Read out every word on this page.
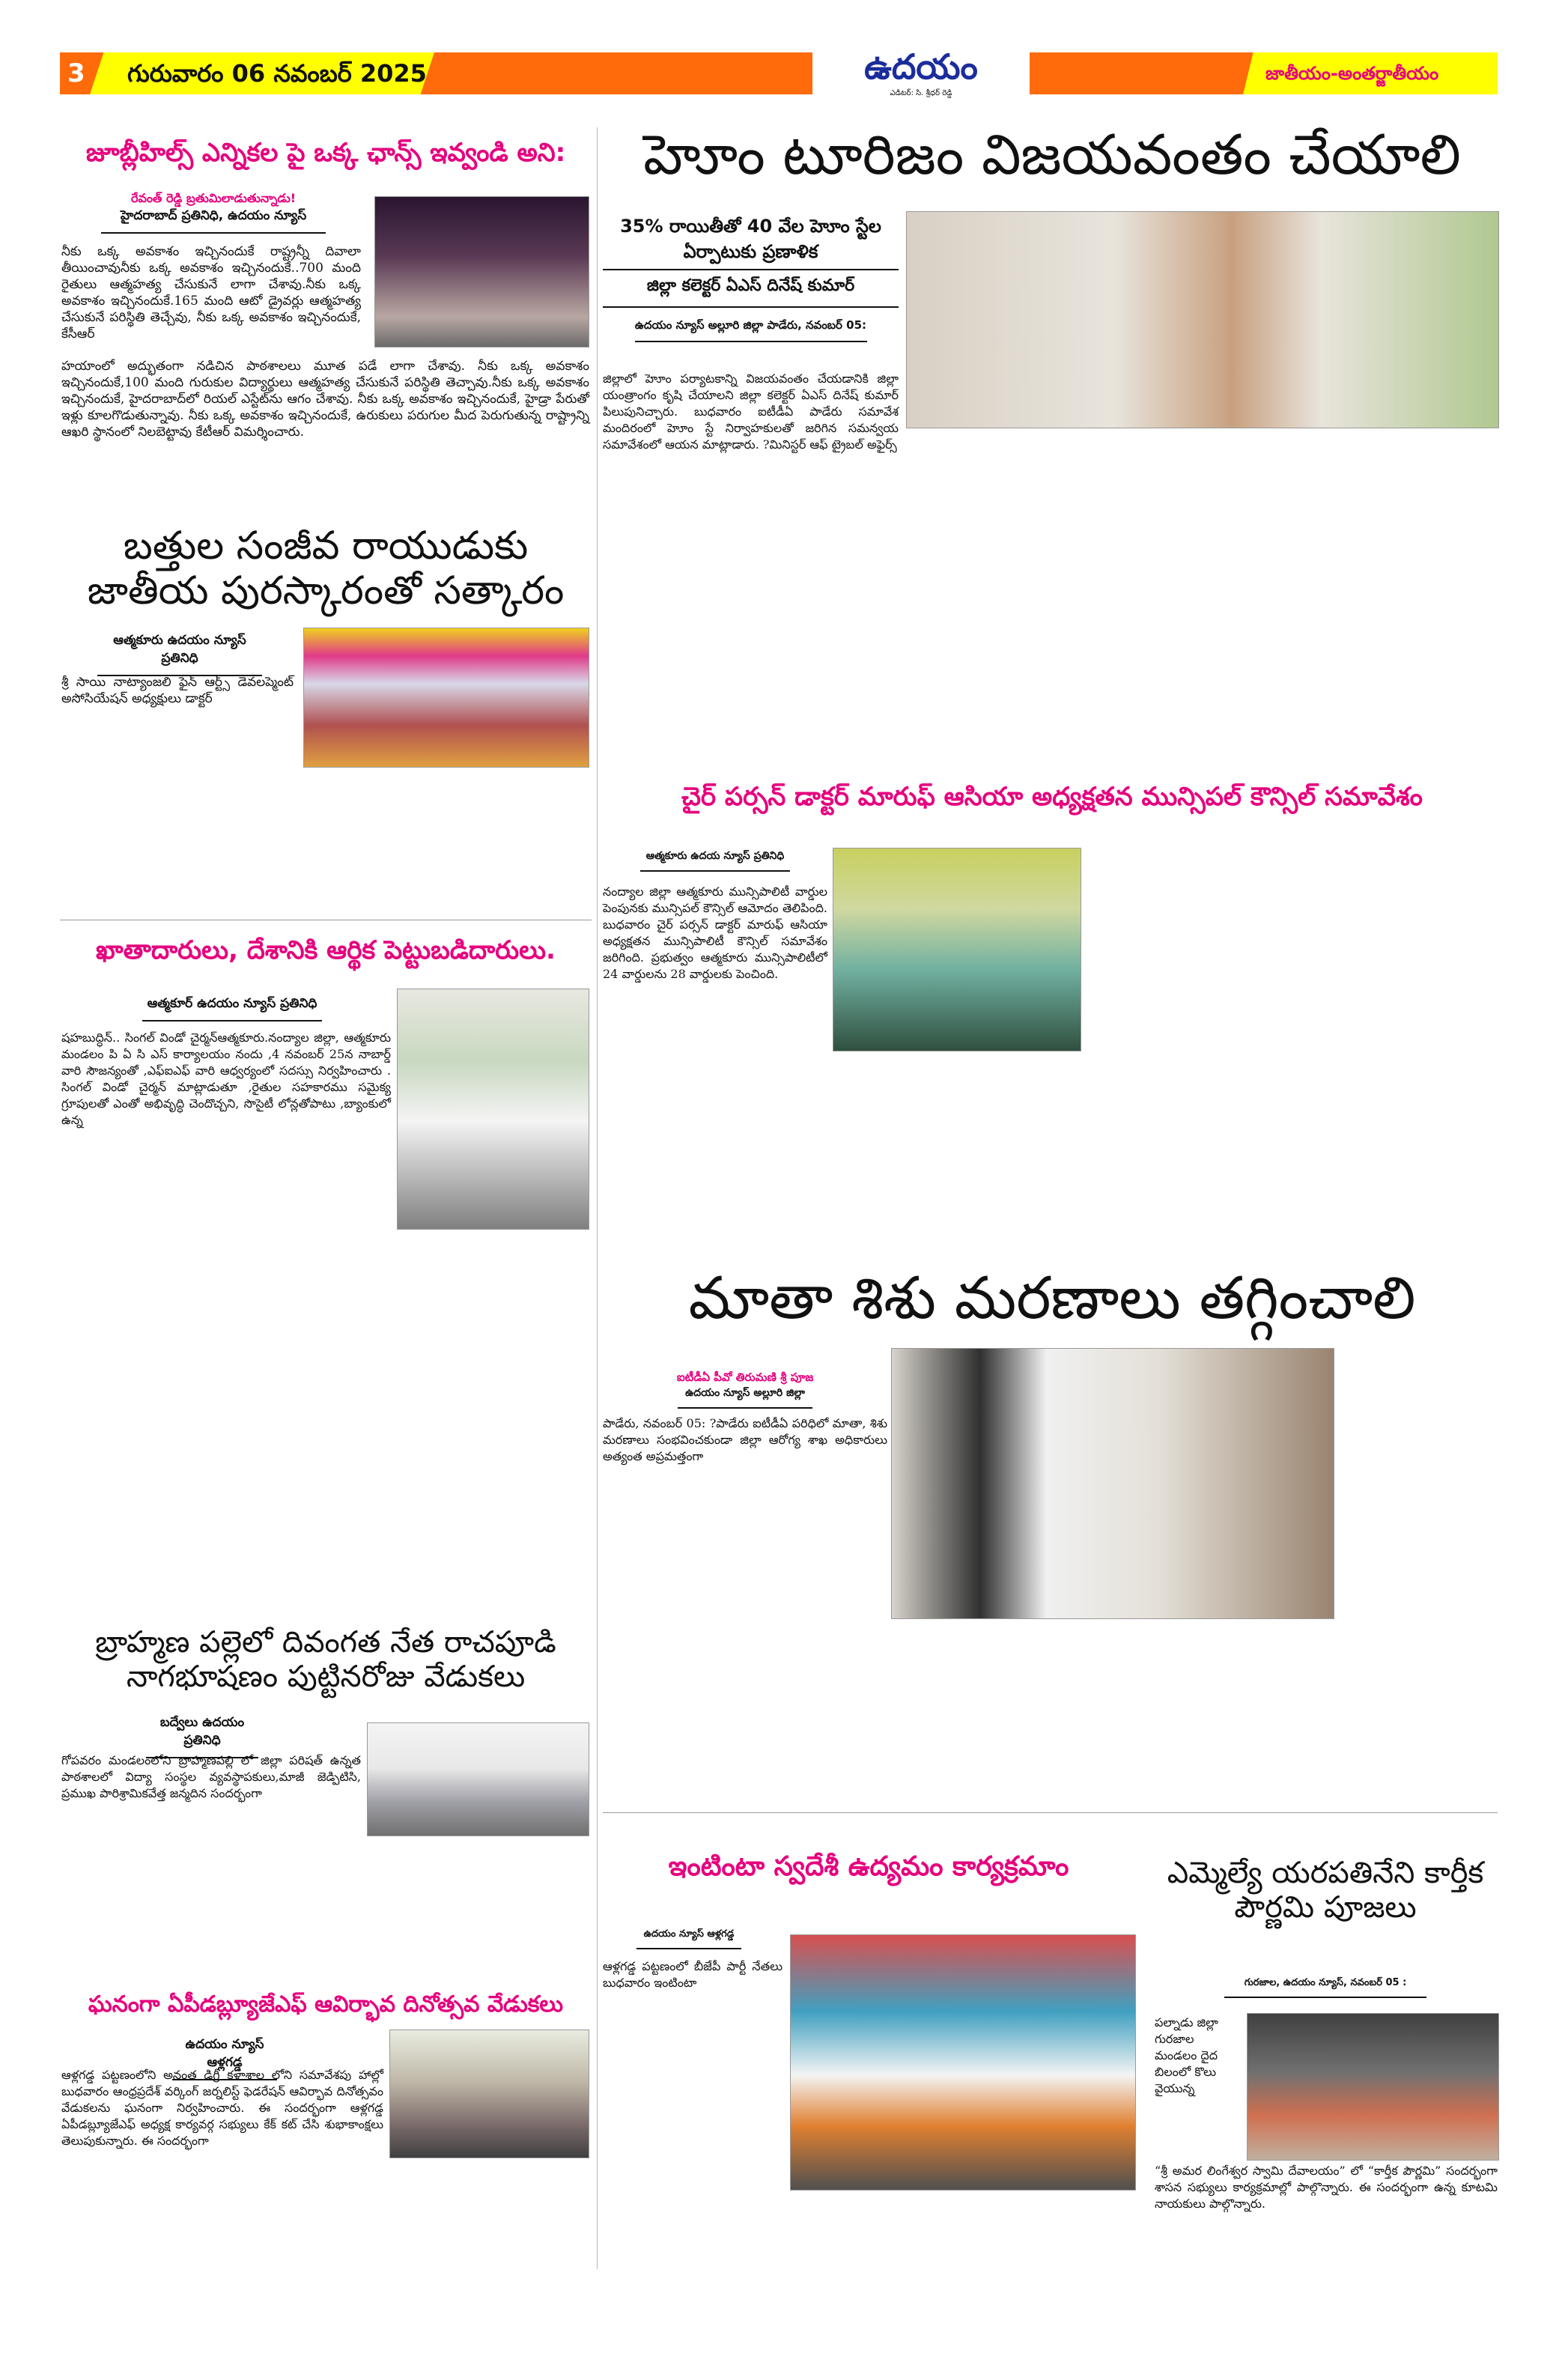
3 గురువారం 06 నవంబర్ 2025	ఉదయం
ఎడిటర్: సి. శ్రీధర్ రెడ్డి
జాతీయం-అంతర్జాతీయం
జూబ్లీహిల్స్ ఎన్నికల పై ఒక్క ఛాన్స్ ఇవ్వండి అని:
రేవంత్ రెడ్డి బ్రతుమిలాడుతున్నాడు!
హైదరాబాద్ ప్రతినిధి, ఉదయం న్యూస్
నీకు ఒక్క అవకాశం ఇచ్చినందుకే రాష్ట్రన్నీ దివాలా తీయించావునీకు ఒక్క అవకాశం ఇచ్చినందుకే..700 మంది రైతులు ఆత్మహత్య చేసుకునే లాగా చేశావు.నీకు ఒక్క అవకాశం ఇచ్చినందుకే.165 మంది ఆటో డ్రైవర్లు ఆత్మహత్య చేసుకునే పరిస్థితి తెచ్చేవు, నీకు ఒక్క అవకాశం ఇచ్చినందుకే, కేసీఆర్
హయాంలో అద్భుతంగా నడిచిన పాఠశాలలు మూత పడే లాగా చేశావు. నీకు ఒక్క అవకాశం ఇచ్చినందుకే,100 మంది గురుకుల విద్యార్థులు ఆత్మహత్య చేసుకునే పరిస్థితి తెచ్చావు.నీకు ఒక్క అవకాశం ఇచ్చినందుకే, హైదరాబాద్‌లో రియల్ ఎస్టేట్‌ను ఆగం చేశావు. నీకు ఒక్క అవకాశం ఇచ్చినందుకే, హైడ్రా పేరుతో ఇళ్లు కూలగొడుతున్నావు. నీకు ఒక్క అవకాశం ఇచ్చినందుకే, ఉరుకులు పరుగుల మీద పెరుగుతున్న రాష్ట్రాన్ని ఆఖరి స్థానంలో నిలబెట్టావు కేటీఆర్ విమర్శించారు.
బత్తుల సంజీవ రాయుడుకు జాతీయ పురస్కారంతో సత్కారం
ఆత్మకూరు ఉదయం న్యూస్ ప్రతినిధి
శ్రీ సాయి నాట్యాంజలి ఫైన్ ఆర్ట్స్ డెవలప్మెంట్ అసోసియేషన్ అధ్యక్షులు డాక్టర్
ఖాతాదారులు, దేశానికి ఆర్థిక పెట్టుబడిదారులు.
ఆత్మకూర్ ఉదయం న్యూస్ ప్రతినిధి
షహబుద్ధిన్.. సింగల్ విండో చైర్మన్ఆత్మకూరు.నంద్యాల జిల్లా, ఆత్మకూరు మండలం పి ఏ సి ఎస్ కార్యాలయం నందు ,4 నవంబర్ 25న నాబార్డ్ వారి సౌజన్యంతో ,ఎఫ్ఐఎఫ్ వారి ఆధ్వర్యంలో సదస్సు నిర్వహించారు . సింగల్ విండో చైర్మన్ మాట్లాడుతూ ,రైతుల సహకారము సమైక్య గ్రూపులతో ఎంతో అభివృద్ధి చెందొచ్చని, సొసైటీ లోన్లతోపాటు ,బ్యాంకులో ఉన్న
బ్రాహ్మణ పల్లెలో దివంగత నేత రాచపూడి నాగభూషణం పుట్టినరోజు వేడుకలు
బద్వేలు ఉదయం ప్రతినిధి
గోపవరం మండలంలోని బ్రాహ్మణపల్లి లో జిల్లా పరిషత్ ఉన్నత పాఠశాలలో విద్యా సంస్థల వ్యవస్థాపకులు,మాజీ జెడ్పిటిసి, ప్రముఖ పారిశ్రామికవేత్త జన్మదిన సందర్భంగా
ఘనంగా ఏపీడబ్ల్యూజేఎఫ్ ఆవిర్భావ దినోత్సవ వేడుకలు
ఉదయం న్యూస్ ఆళ్లగడ్డ
ఆళ్లగడ్డ పట్టణంలోని అనంత డిగ్రీ కళాశాల లోని సమావేశపు హాల్లో బుధవారం ఆంధ్రప్రదేశ్ వర్కింగ్ జర్నలిస్ట్ ఫెడరేషన్ ఆవిర్భావ దినోత్సవం వేడుకలను ఘనంగా నిర్వహించారు. ఈ సందర్భంగా ఆళ్లగడ్డ ఏపీడబ్ల్యూజేఎఫ్ అధ్యక్ష కార్యవర్గ సభ్యులు కేక్ కట్ చేసి శుభాకాంక్షలు తెలుపుకున్నారు. ఈ సందర్భంగా
హెూం టూరిజం విజయవంతం చేయాలి
35% రాయితీతో 40 వేల హెూం స్టేల ఏర్పాటుకు ప్రణాళిక
జిల్లా కలెక్టర్ ఏఎస్ దినేష్ కుమార్
ఉదయం న్యూస్ అల్లూరి జిల్లా పాడేరు, నవంబర్ 05:
జిల్లాలో హెూం పర్యాటకాన్ని విజయవంతం చేయడానికి జిల్లా యంత్రాంగం కృషి చేయాలని జిల్లా కలెక్టర్ ఏఎస్ దినేష్ కుమార్ పిలుపునిచ్చారు. బుధవారం ఐటీడీఏ పాడేరు సమావేశ మందిరంలో హెూం స్టే నిర్వాహకులతో జరిగిన సమన్వయ సమావేశంలో ఆయన మాట్లాడారు. ?మినిస్టర్ ఆఫ్ ట్రైబల్ అఫైర్స్
చైర్ పర్సన్ డాక్టర్ మారుఫ్ ఆసియా అధ్యక్షతన మున్సిపల్ కౌన్సిల్ సమావేశం
ఆత్మకూరు ఉదయ న్యూస్ ప్రతినిధి
నంద్యాల జిల్లా ఆత్మకూరు మున్సిపాలిటీ వార్డుల పెంపునకు మున్సిపల్ కౌన్సిల్ ఆమోదం తెలిపింది. బుధవారం చైర్ పర్సన్ డాక్టర్ మారుఫ్ ఆసియా అధ్యక్షతన మున్సిపాలిటీ కౌన్సిల్ సమావేశం జరిగింది. ప్రభుత్వం ఆత్మకూరు మున్సిపాలిటీలో 24 వార్డులను 28 వార్డులకు పెంచింది.
మాతా శిశు మరణాలు తగ్గించాలి
ఐటీడీఏ పీవో తిరుమణి శ్రీ పూజ
ఉదయం న్యూస్ అల్లూరి జిల్లా
పాడేరు, నవంబర్ 05: ?పాడేరు ఐటీడీఏ పరిధిలో మాతా, శిశు మరణాలు సంభవించకుండా జిల్లా ఆరోగ్య శాఖ అధికారులు అత్యంత అప్రమత్తంగా
ఇంటింటా స్వదేశీ ఉద్యమం కార్యక్రమాం
ఉదయం న్యూస్ ఆళ్లగడ్డ
ఆళ్లగడ్డ పట్టణంలో బీజేపీ పార్టీ నేతలు బుధవారం ఇంటింటా
ఎమ్మెల్యే యరపతినేని కార్తీక పౌర్ణమి పూజలు
గురజాల, ఉదయం న్యూస్, నవంబర్ 05 :
పల్నాడు జిల్లా గురజాల మండలం దైద బిలంలో కొలు వైయున్న
“శ్రీ అమర లింగేశ్వర స్వామి దేవాలయం” లో “కార్తీక పౌర్ణమి” సందర్భంగా శాసన సభ్యులు కార్యక్రమాల్లో పాల్గొన్నారు. ఈ సందర్భంగా ఉన్న కూటమి నాయకులు పాల్గొన్నారు.
